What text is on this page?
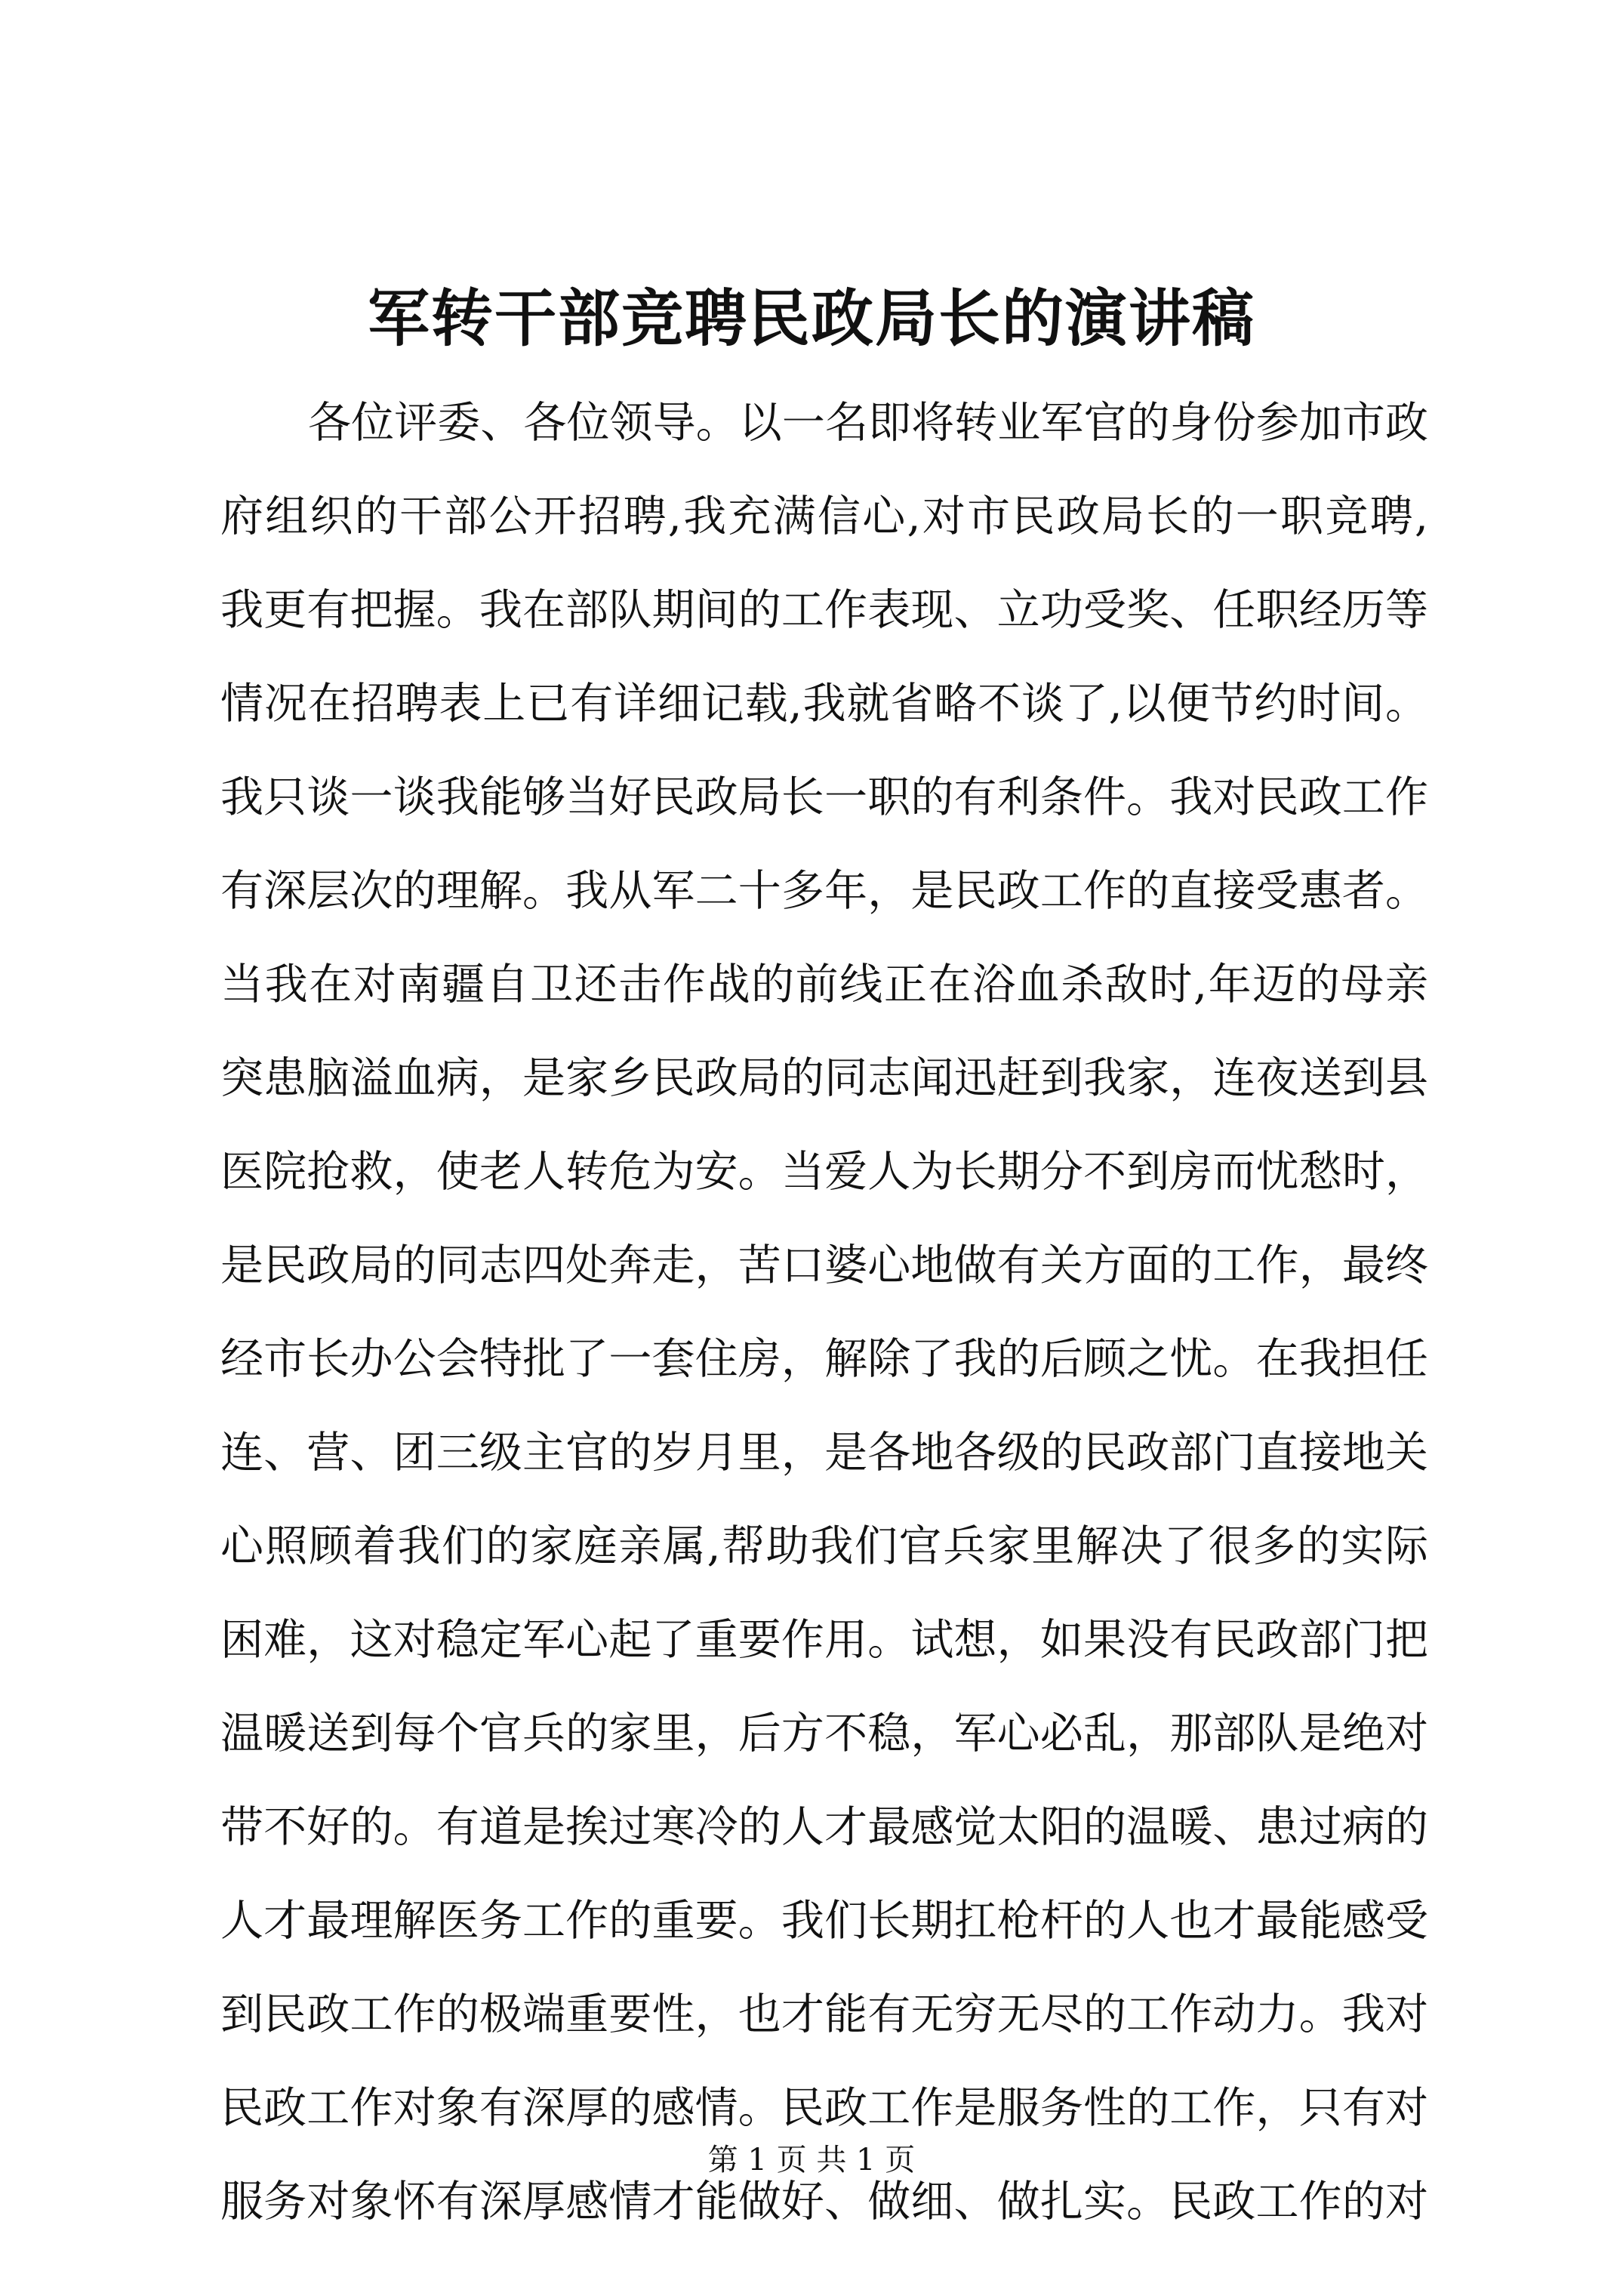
军转干部竞聘民政局长的演讲稿
各位评委、各位领导。以一名即将转业军官的身份参加市政
府组织的干部公开招聘,我充满信心,对市民政局长的一职竞聘,
我更有把握。我在部队期间的工作表现、立功受奖、任职经历等
情况在招聘表上已有详细记载,我就省略不谈了,以便节约时间。
我只谈一谈我能够当好民政局长一职的有利条件。我对民政工作
有深层次的理解。我从军二十多年，是民政工作的直接受惠者。
当我在对南疆自卫还击作战的前线正在浴血杀敌时,年迈的母亲
突患脑溢血病，是家乡民政局的同志闻迅赶到我家，连夜送到县
医院抢救，使老人转危为安。当爱人为长期分不到房而忧愁时，
是民政局的同志四处奔走，苦口婆心地做有关方面的工作，最终
经市长办公会特批了一套住房，解除了我的后顾之忧。在我担任
连、营、团三级主官的岁月里，是各地各级的民政部门直接地关
心照顾着我们的家庭亲属,帮助我们官兵家里解决了很多的实际
困难，这对稳定军心起了重要作用。试想，如果没有民政部门把
温暖送到每个官兵的家里，后方不稳，军心必乱，那部队是绝对
带不好的。有道是挨过寒冷的人才最感觉太阳的温暖、患过病的
人才最理解医务工作的重要。我们长期扛枪杆的人也才最能感受
到民政工作的极端重要性，也才能有无穷无尽的工作动力。我对
民政工作对象有深厚的感情。民政工作是服务性的工作，只有对
服务对象怀有深厚感情才能做好、做细、做扎实。民政工作的对
第 1 页 共 1 页
